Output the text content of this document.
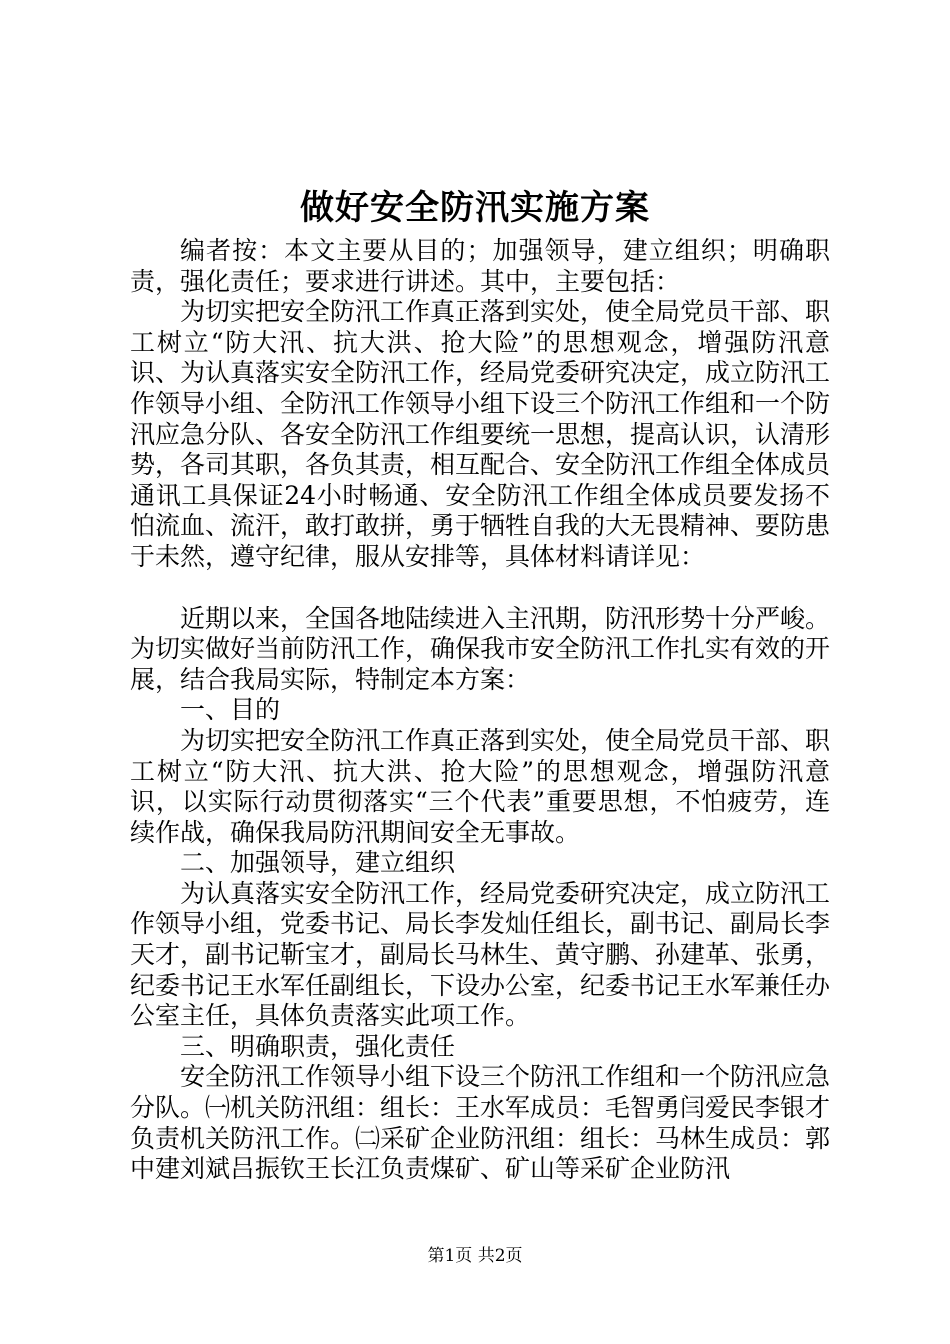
做好安全防汛实施方案

编者按：本文主要从目的；加强领导，建立组织；明确职责，强化责任；要求进行讲述。其中，主要包括：

为切实把安全防汛工作真正落到实处，使全局党员干部、职工树立“防大汛、抗大洪、抢大险”的思想观念，增强防汛意识、为认真落实安全防汛工作，经局党委研究决定，成立防汛工作领导小组、全防汛工作领导小组下设三个防汛工作组和一个防汛应急分队、各安全防汛工作组要统一思想，提高认识，认清形势，各司其职，各负其责，相互配合、安全防汛工作组全体成员通讯工具保证24小时畅通、安全防汛工作组全体成员要发扬不怕流血、流汗，敢打敢拼，勇于牺牲自我的大无畏精神、要防患于未然，遵守纪律，服从安排等，具体材料请详见：

近期以来，全国各地陆续进入主汛期，防汛形势十分严峻。为切实做好当前防汛工作，确保我市安全防汛工作扎实有效的开展，结合我局实际，特制定本方案：

一、目的

为切实把安全防汛工作真正落到实处，使全局党员干部、职工树立“防大汛、抗大洪、抢大险”的思想观念，增强防汛意识，以实际行动贯彻落实“三个代表”重要思想，不怕疲劳，连续作战，确保我局防汛期间安全无事故。

二、加强领导，建立组织

为认真落实安全防汛工作，经局党委研究决定，成立防汛工作领导小组，党委书记、局长李发灿任组长，副书记、副局长李天才，副书记靳宝才，副局长马林生、黄守鹏、孙建革、张勇，纪委书记王水军任副组长，下设办公室，纪委书记王水军兼任办公室主任，具体负责落实此项工作。

三、明确职责，强化责任

安全防汛工作领导小组下设三个防汛工作组和一个防汛应急分队。㈠机关防汛组：组长：王水军成员：毛智勇闫爱民李银才负责机关防汛工作。㈡采矿企业防汛组：组长：马林生成员：郭中建刘斌吕振钦王长江负责煤矿、矿山等采矿企业防汛

第1页 共2页
